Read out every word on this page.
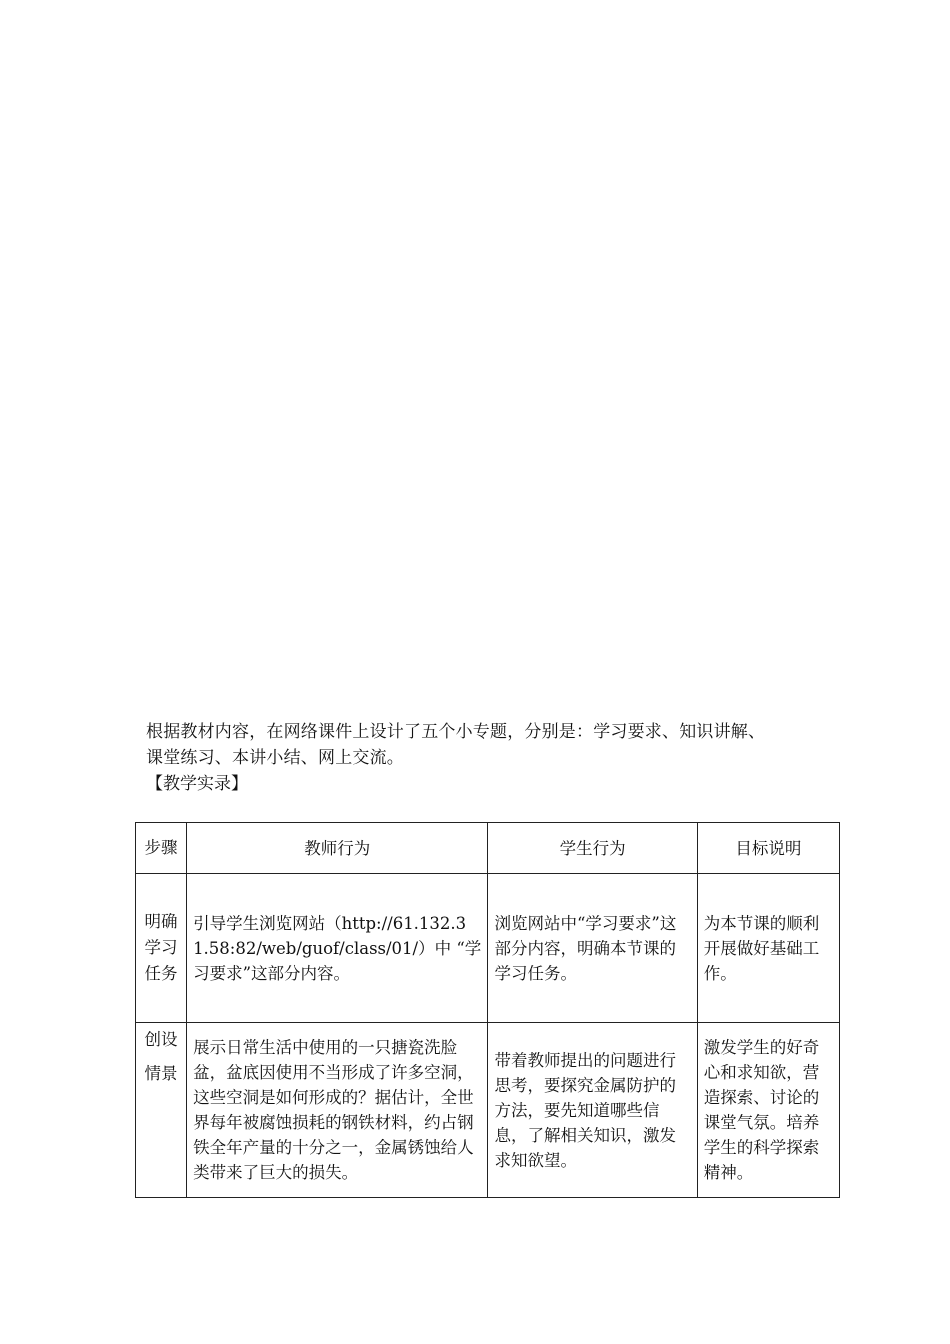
根据教材内容，在网络课件上设计了五个小专题，分别是：学习要求、知识讲解、

课堂练习、本讲小结、网上交流。

【教学实录】
步骤	教师行为	学生行为	目标说明
明确学习任务	引导学生浏览网站（http://61.132.31.58:82/web/guof/class/01/）中 “学习要求”这部分内容。	浏览网站中“学习要求”这部分内容，明确本节课的学习任务。	为本节课的顺利开展做好基础工作。

创设情景	展示日常生活中使用的一只搪瓷洗脸盆，盆底因使用不当形成了许多空洞，这些空洞是如何形成的？据估计，全世界每年被腐蚀损耗的钢铁材料，约占钢铁全年产量的十分之一，金属锈蚀给人类带来了巨大的损失。	带着教师提出的问题进行思考，要探究金属防护的方法，要先知道哪些信息，了解相关知识，激发求知欲望。	激发学生的好奇心和求知欲，营造探索、讨论的课堂气氛。培养学生的科学探索精神。
